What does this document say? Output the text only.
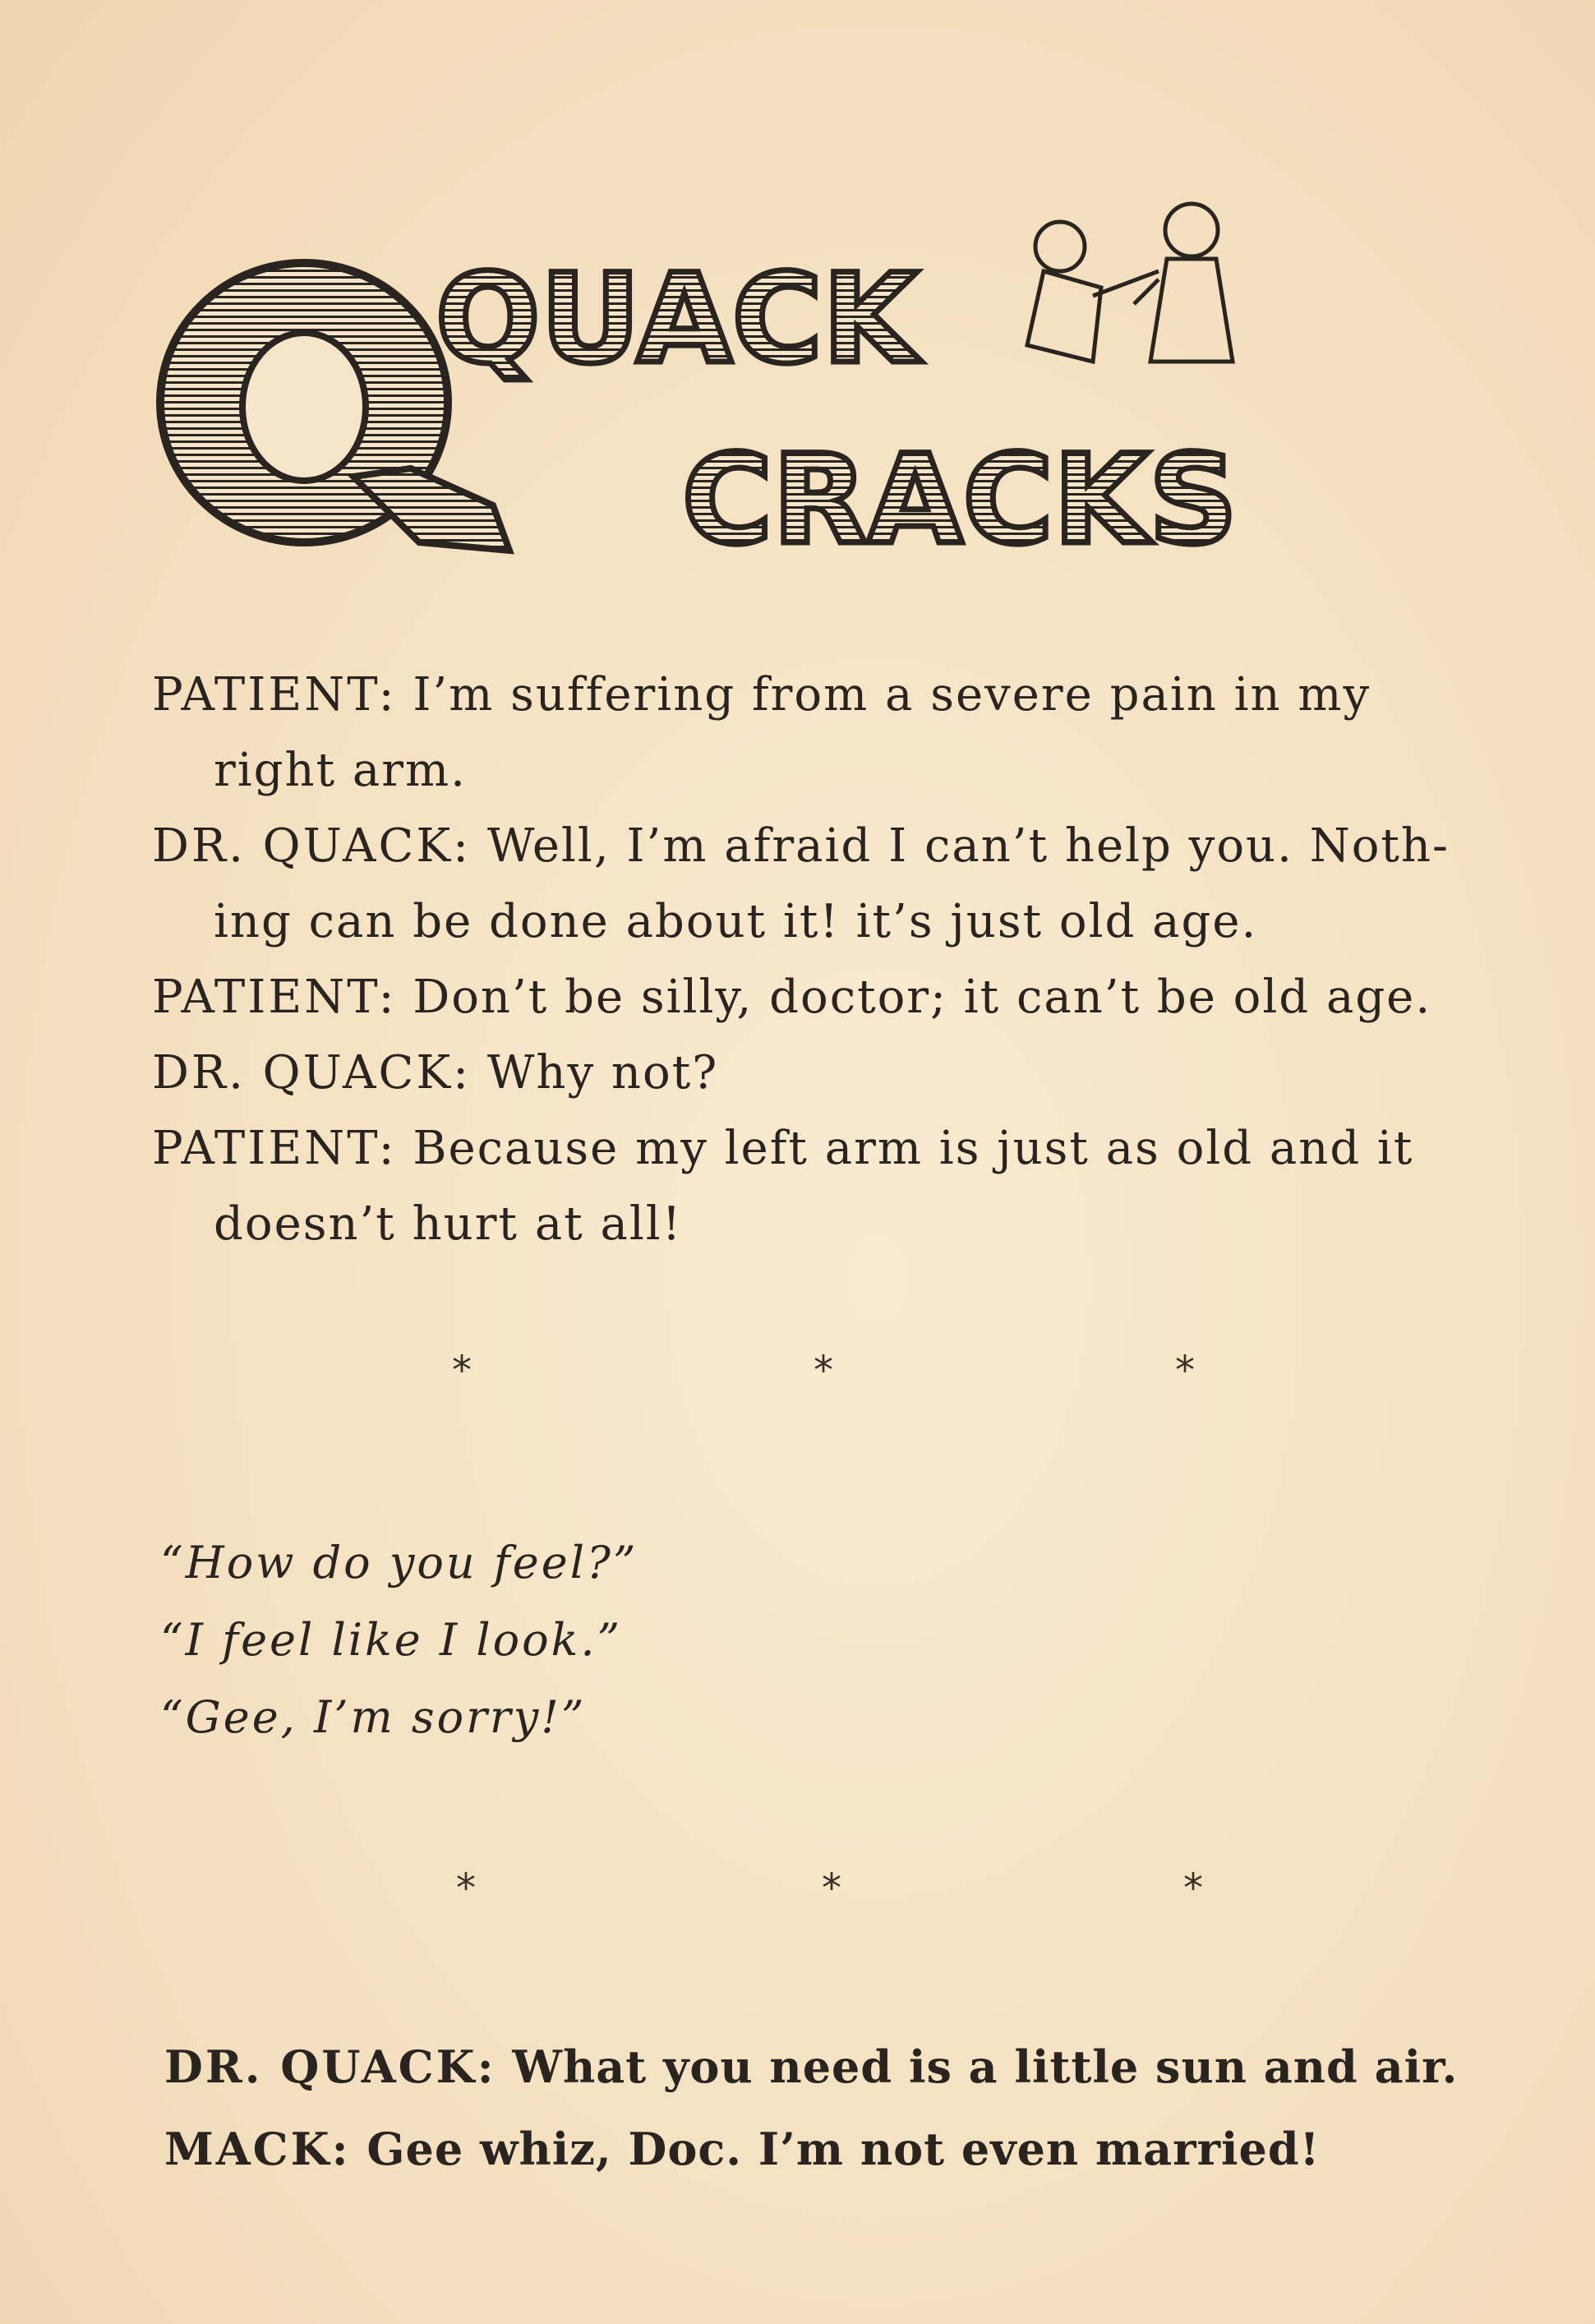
QUACK
CRACKS
PATIENT: I’m suffering from a severe pain in my
right arm.
DR. QUACK: Well, I’m afraid I can’t help you. Noth-
ing can be done about it! it’s just old age.
PATIENT: Don’t be silly, doctor; it can’t be old age.
DR. QUACK: Why not?
PATIENT: Because my left arm is just as old and it
doesn’t hurt at all!
*	*	*
“How do you feel?”
“I feel like I look.”
“Gee, I’m sorry!”
*	*	*
DR. QUACK: What you need is a little sun and air.
MACK: Gee whiz, Doc. I’m not even married!
